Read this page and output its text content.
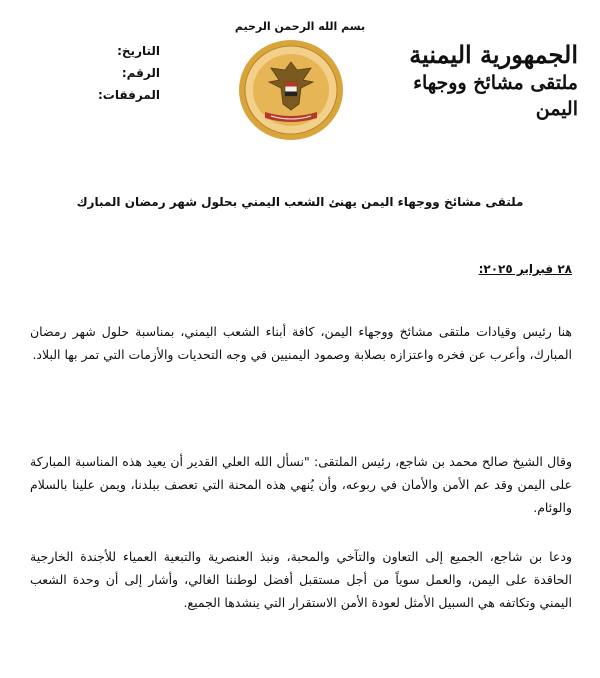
بسم الله الرحمن الرحيم
الجمهورية اليمنية
ملتقى مشائخ ووجهاء اليمن
التاريخ:
الرقم:
المرفقات:
ملتقى مشائخ ووجهاء اليمن يهنئ الشعب اليمني بحلول شهر رمضان المبارك
٢٨ فبراير ٢٠٢٥:
هنا رئيس وقيادات ملتقى مشائخ ووجهاء اليمن، كافة أبناء الشعب اليمني، بمناسبة حلول شهر رمضان المبارك، وأعرب عن فخره واعتزازه بصلابة وصمود اليمنيين في وجه التحديات والأزمات التي تمر بها البلاد.
وقال الشيخ صالح محمد بن شاجع، رئيس الملتقى: "نسأل الله العلي القدير أن يعيد هذه المناسبة المباركة على اليمن وقد عم الأمن والأمان في ربوعه، وأن يُنهي هذه المحنة التي تعصف ببلدنا، ويمن علينا بالسلام والوئام.
ودعا بن شاجع، الجميع إلى التعاون والتآخي والمحبة، ونبذ العنصرية والتبعية العمياء للأجندة الخارجية الحاقدة على اليمن، والعمل سوياً من أجل مستقبل أفضل لوطننا الغالي، وأشار إلى أن وحدة الشعب اليمني وتكاتفه هي السبيل الأمثل لعودة الأمن الاستقرار التي ينشدها الجميع.
